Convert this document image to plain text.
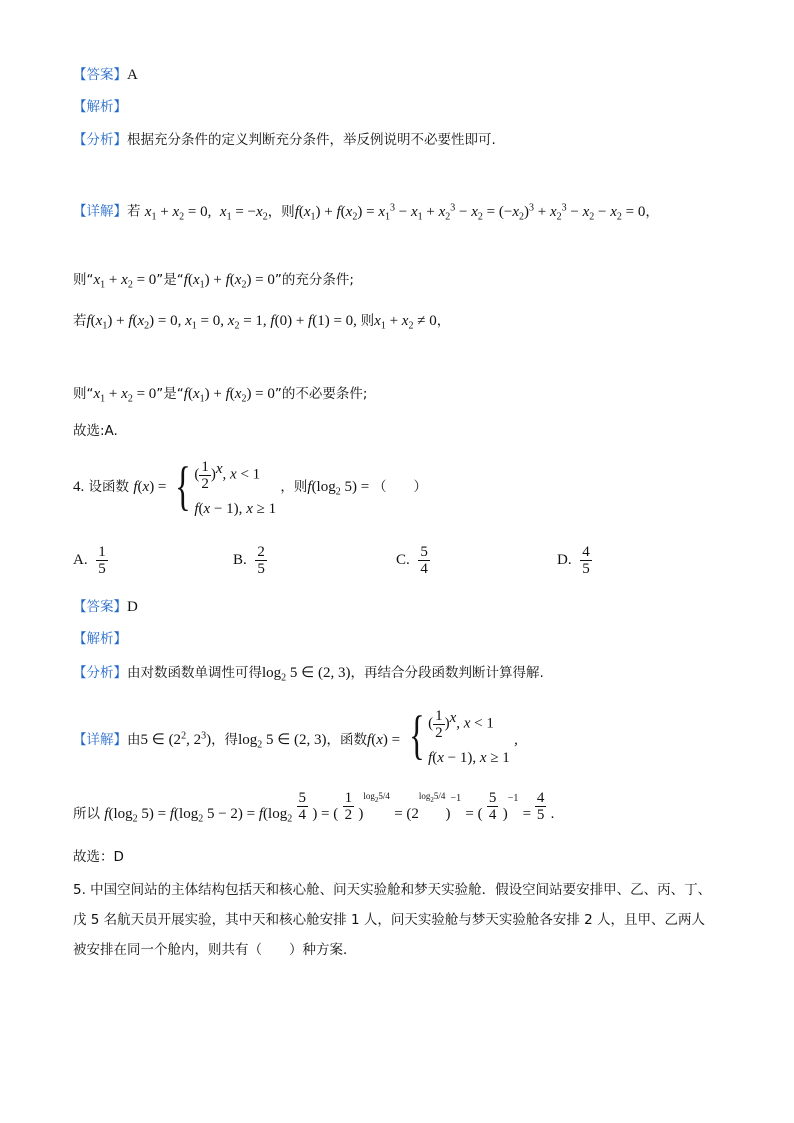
【答案】A
【解析】
【分析】根据充分条件的定义判断充分条件，举反例说明不必要性即可.
【详解】若 $x_1 + x_2 = 0$, $x_1 = -x_2$，则$f(x_1) + f(x_2) = x_1^3 - x_1 + x_2^3 - x_2 = (-x_2)^3 + x_2^3 - x_2 - x_2 = 0$，
则“$x_1 + x_2 = 0$”是“$f(x_1) + f(x_2) = 0$”的充分条件;
若$f(x_1) + f(x_2) = 0$, $x_1 = 0$, $x_2 = 1$, f(0) + f(1) = 0, 则$x_1 + x_2 \ne 0$，
则“$x_1 + x_2 = 0$”是“$f(x_1) + f(x_2) = 0$”的不必要条件;
故选:A.
4. 设函数 f(x) = { ( $\frac{1}{2} )^x$, x < 1
f(x − 1), x ≥ 1
，则$f(\log_2$ 5) = （　　）
A. $\frac{1}{5}$	B. $\frac{2}{5}$	C. $\frac{5}{4}$	D. $\frac{4}{5}$
【答案】D
【解析】
【分析】由对数函数单调性可得$\log_2 5$ ∈ (2, 3)，再结合分段函数判断计算得解.
【详解】由5 ∈ ($2^2$, $2^3$)，得$\log_2 5$ ∈ (2, 3)，函数f(x) = { ( $\frac{1}{2} )^x$, x < 1
f(x − 1), x ≥ 1
,
所以 $f(\log_2$ $5) = f(\log_2$ $5 - 2) = f(\log_2 \frac{5}{4}$ ) = ( $\frac{1}{2} )^{log_25/4} = (2^{log_25/4})^{-1}$ = ( $\frac{5}{4} )^{-1} = \frac{4}{5}$ .
故选：D
5. 中国空间站的主体结构包括天和核心舱、问天实验舱和梦天实验舱．假设空间站要安排甲、乙、丙、丁、
戊 5 名航天员开展实验，其中天和核心舱安排 1 人，问天实验舱与梦天实验舱各安排 2 人，且甲、乙两人
被安排在同一个舱内，则共有（　　）种方案．
